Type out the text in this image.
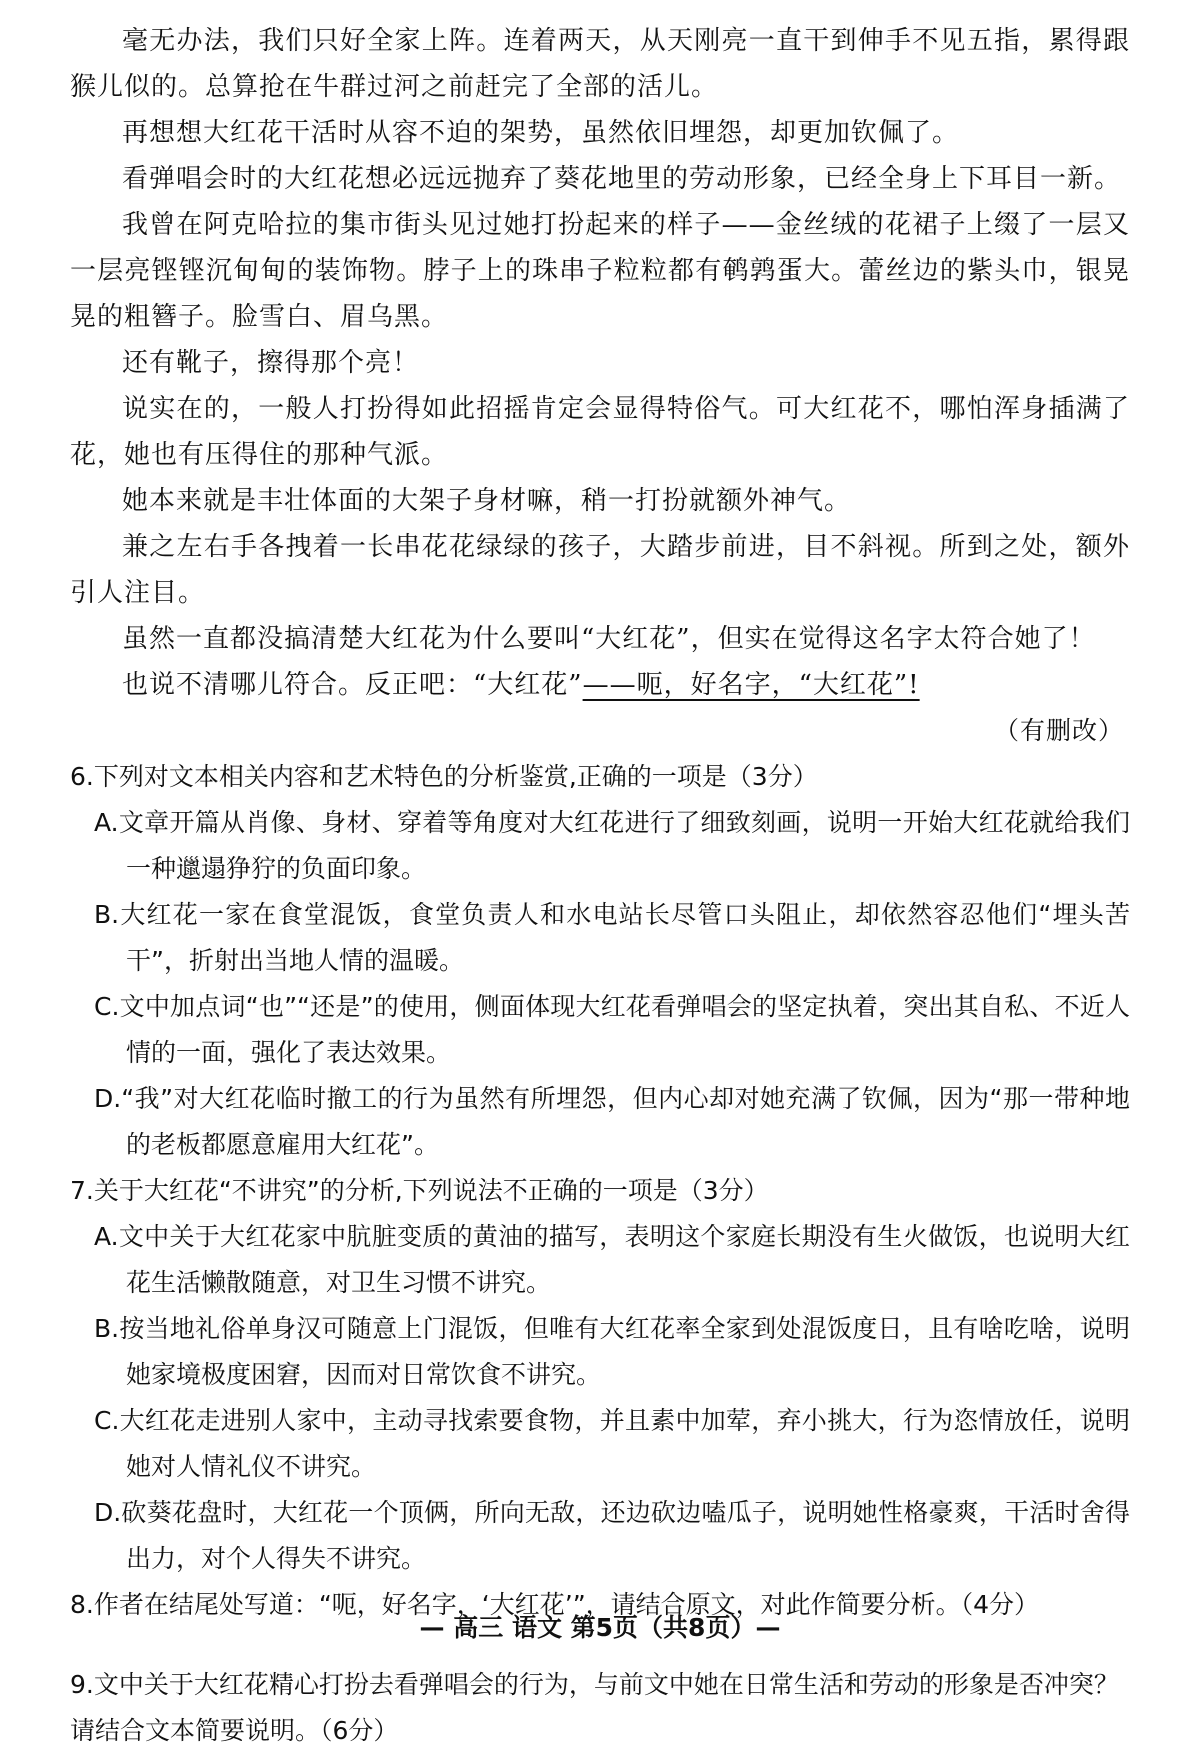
毫无办法，我们只好全家上阵。连着两天，从天刚亮一直干到伸手不见五指，累得跟猴儿似的。总算抢在牛群过河之前赶完了全部的活儿。

再想想大红花干活时从容不迫的架势，虽然依旧埋怨，却更加钦佩了。

看弹唱会时的大红花想必远远抛弃了葵花地里的劳动形象，已经全身上下耳目一新。

我曾在阿克哈拉的集市街头见过她打扮起来的样子——金丝绒的花裙子上缀了一层又一层亮铿铿沉甸甸的装饰物。脖子上的珠串子粒粒都有鹌鹑蛋大。蕾丝边的紫头巾，银晃晃的粗簪子。脸雪白、眉乌黑。

还有靴子，擦得那个亮！

说实在的，一般人打扮得如此招摇肯定会显得特俗气。可大红花不，哪怕浑身插满了花，她也有压得住的那种气派。

她本来就是丰壮体面的大架子身材嘛，稍一打扮就额外神气。

兼之左右手各拽着一长串花花绿绿的孩子，大踏步前进，目不斜视。所到之处，额外引人注目。

虽然一直都没搞清楚大红花为什么要叫“大红花”，但实在觉得这名字太符合她了！

也说不清哪儿符合。反正吧：“大红花”——呃，好名字，“大红花”!

（有删改）

6.下列对文本相关内容和艺术特色的分析鉴赏,正确的一项是（3分）

A.文章开篇从肖像、身材、穿着等角度对大红花进行了细致刻画，说明一开始大红花就给我们一种邋遢狰狞的负面印象。
B.大红花一家在食堂混饭，食堂负责人和水电站长尽管口头阻止，却依然容忍他们“埋头苦干”，折射出当地人情的温暖。
C.文中加点词“也”“还是”的使用，侧面体现大红花看弹唱会的坚定执着，突出其自私、不近人情的一面，强化了表达效果。
D.“我”对大红花临时撤工的行为虽然有所埋怨，但内心却对她充满了钦佩，因为“那一带种地的老板都愿意雇用大红花”。

7.关于大红花“不讲究”的分析,下列说法不正确的一项是（3分）

A.文中关于大红花家中肮脏变质的黄油的描写，表明这个家庭长期没有生火做饭，也说明大红花生活懒散随意，对卫生习惯不讲究。
B.按当地礼俗单身汉可随意上门混饭，但唯有大红花率全家到处混饭度日，且有啥吃啥，说明她家境极度困窘，因而对日常饮食不讲究。
C.大红花走进别人家中，主动寻找索要食物，并且素中加荤，弃小挑大，行为恣情放任，说明她对人情礼仪不讲究。
D.砍葵花盘时，大红花一个顶俩，所向无敌，还边砍边嗑瓜子，说明她性格豪爽，干活时舍得出力，对个人得失不讲究。

8.作者在结尾处写道：“呃，好名字，‘大红花’”，请结合原文，对此作简要分析。（4分）

9.文中关于大红花精心打扮去看弹唱会的行为，与前文中她在日常生活和劳动的形象是否冲突？请结合文本简要说明。（6分）

— 高三 语文 第5页（共8页）—
